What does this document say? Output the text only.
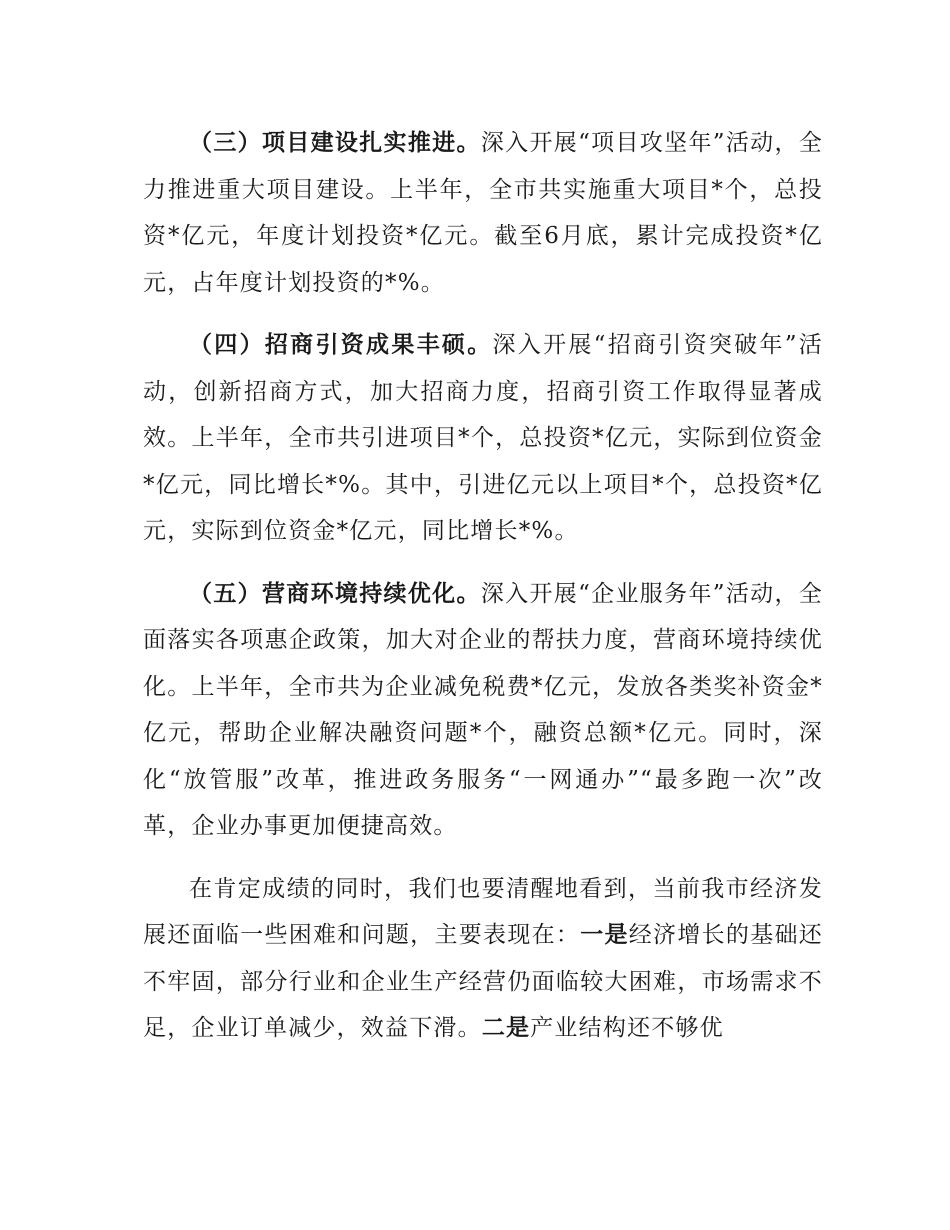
（三）项目建设扎实推进。深入开展“项目攻坚年”活动，全力推进重大项目建设。上半年，全市共实施重大项目*个，总投资*亿元，年度计划投资*亿元。截至6月底，累计完成投资*亿元，占年度计划投资的*%。

（四）招商引资成果丰硕。深入开展“招商引资突破年”活动，创新招商方式，加大招商力度，招商引资工作取得显著成效。上半年，全市共引进项目*个，总投资*亿元，实际到位资金*亿元，同比增长*%。其中，引进亿元以上项目*个，总投资*亿元，实际到位资金*亿元，同比增长*%。

（五）营商环境持续优化。深入开展“企业服务年”活动，全面落实各项惠企政策，加大对企业的帮扶力度，营商环境持续优化。上半年，全市共为企业减免税费*亿元，发放各类奖补资金*亿元，帮助企业解决融资问题*个，融资总额*亿元。同时，深化“放管服”改革，推进政务服务“一网通办”“最多跑一次”改革，企业办事更加便捷高效。

在肯定成绩的同时，我们也要清醒地看到，当前我市经济发展还面临一些困难和问题，主要表现在：一是经济增长的基础还不牢固，部分行业和企业生产经营仍面临较大困难，市场需求不足，企业订单减少，效益下滑。二是产业结构还不够优
